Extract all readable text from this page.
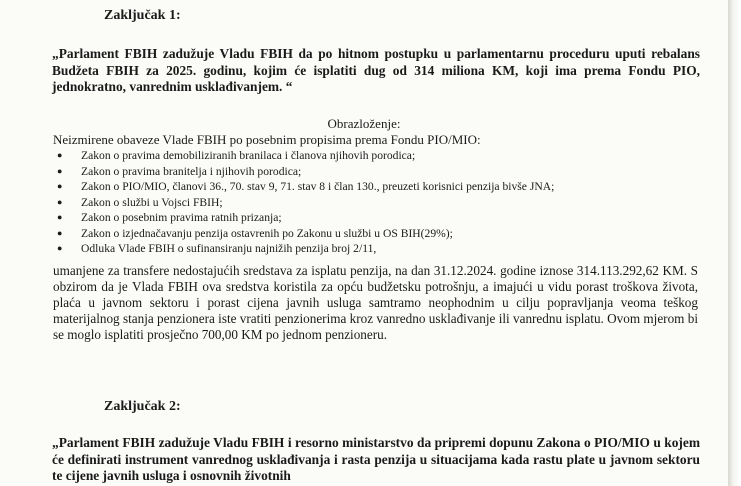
Zaključak 1:
„Parlament FBIH zadužuje Vladu FBIH da po hitnom postupku u parlamentarnu proceduru uputi rebalans Budžeta FBIH za 2025. godinu, kojim će isplatiti dug od 314 miliona KM, koji ima prema Fondu PIO, jednokratno, vanrednim usklađivanjem. “
Obrazloženje:
Neizmirene obaveze Vlade FBIH po posebnim propisima prema Fondu PIO/MIO:
● Zakon o pravima demobiliziranih branilaca i članova njihovih porodica;
● Zakon o pravima branitelja i njihovih porodica;
● Zakon o PIO/MIO, članovi 36., 70. stav 9, 71. stav 8 i član 130., preuzeti korisnici penzija bivše JNA;
● Zakon o službi u Vojsci FBIH;
● Zakon o posebnim pravima ratnih prizanja;
● Zakon o izjednačavanju penzija ostavrenih po Zakonu u službi u OS BIH(29%);
● Odluka Vlade FBIH o sufinansiranju najnižih penzija broj 2/11,
umanjene za transfere nedostajućih sredstava za isplatu penzija, na dan 31.12.2024. godine iznose 314.113.292,62 KM. S obzirom da je Vlada FBIH ova sredstva koristila za opću budžetsku potrošnju, a imajući u vidu porast troškova života, plaća u javnom sektoru i porast cijena javnih usluga samtramo neophodnim u cilju popravljanja veoma teškog materijalnog stanja penzionera iste vratiti penzionerima kroz vanredno usklađivanje ili vanrednu isplatu. Ovom mjerom bi se moglo isplatiti prosječno 700,00 KM po jednom penzioneru.
Zaključak 2:
„Parlament FBIH zadužuje Vladu FBIH i resorno ministarstvo da pripremi dopunu Zakona o PIO/MIO u kojem će definirati instrument vanrednog usklađivanja i rasta penzija u situacijama kada rastu plate u javnom sektoru te cijene javnih usluga i osnovnih životnih
